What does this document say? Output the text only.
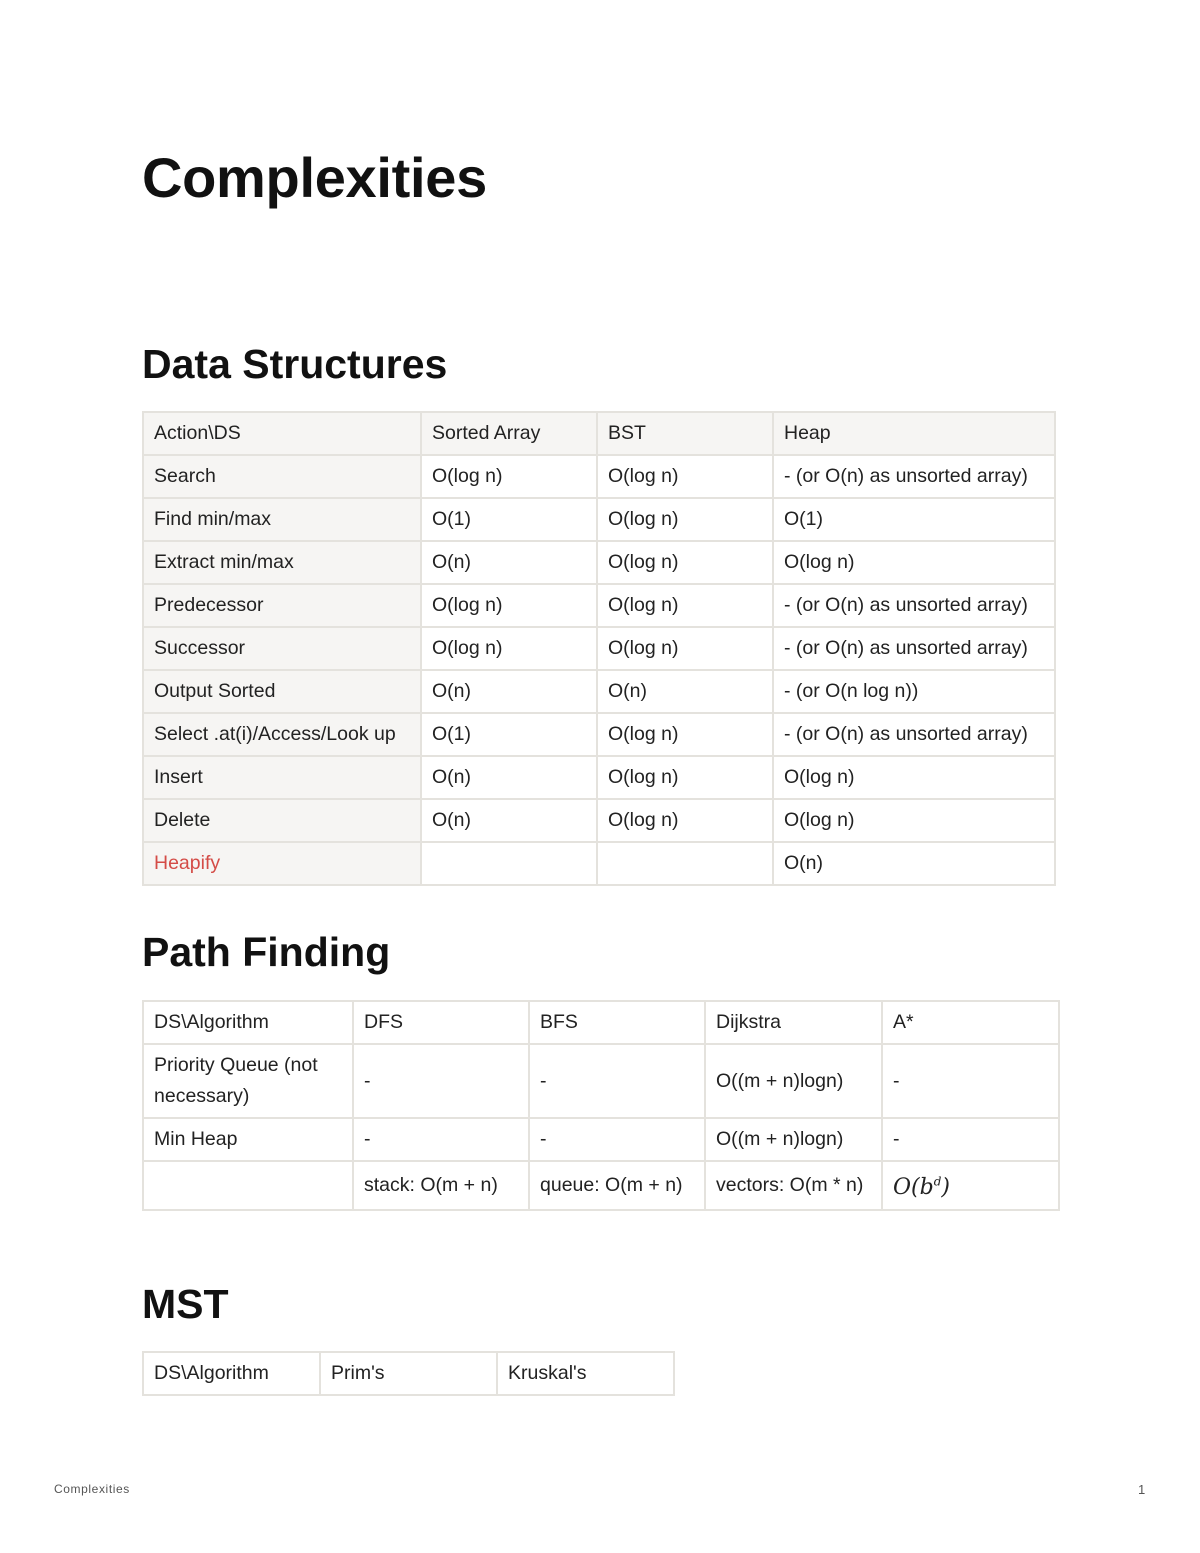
Complexities
Data Structures
Action\DS	Sorted Array	BST	Heap
Search	O(log n)	O(log n)	- (or O(n) as unsorted array)
Find min/max	O(1)	O(log n)	O(1)
Extract min/max	O(n)	O(log n)	O(log n)
Predecessor	O(log n)	O(log n)	- (or O(n) as unsorted array)
Successor	O(log n)	O(log n)	- (or O(n) as unsorted array)
Output Sorted	O(n)	O(n)	- (or O(n log n))
Select .at(i)/Access/Look up	O(1)	O(log n)	- (or O(n) as unsorted array)
Insert	O(n)	O(log n)	O(log n)
Delete	O(n)	O(log n)	O(log n)
Heapify			O(n)
Path Finding
DS\Algorithm	DFS	BFS	Dijkstra	A*
Priority Queue (not necessary)	-	-	O((m + n)logn)	-
Min Heap	-	-	O((m + n)logn)	-
	stack: O(m + n)	queue: O(m + n)	vectors: O(m * n)	$O(b^d)$
MST
DS\Algorithm	Prim's	Kruskal's
Complexities	1
